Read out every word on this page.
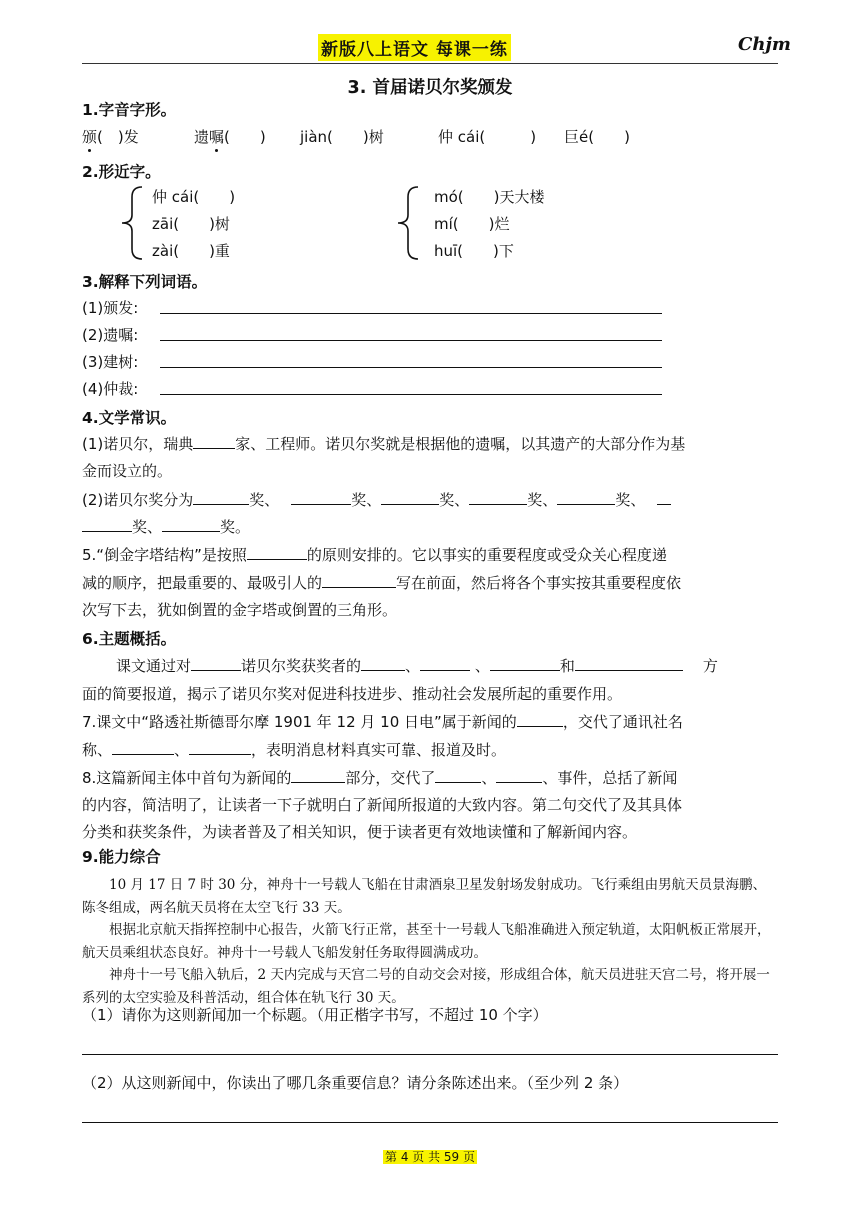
新版八上语文 每课一练	Chjm
3. 首届诺贝尔奖颁发
1.字音字形。
颁(　)发	遗嘱(　　) jiàn(　　)树	仲 cái(　　　) 巨é(　　)
2.形近字。
仲 cái(　　)
zāi(　　)树
zài(　　)重
mó(　　)天大楼
mí(　　)烂
huī(　　)下
3.解释下列词语。
(1)颁发:
(2)遗嘱:
(3)建树:
(4)仲裁:
4.文学常识。
(1)诺贝尔，瑞典	家、工程师。诺贝尔奖就是根据他的遗嘱，以其遗产的大部分作为基
金而设立的。
(2)诺贝尔奖分为	奖、	奖、	奖、	奖、	奖、
奖、	奖。
5.“倒金字塔结构”是按照	的原则安排的。它以事实的重要程度或受众关心程度递
减的顺序，把最重要的、最吸引人的	写在前面，然后将各个事实按其重要程度依
次写下去，犹如倒置的金字塔或倒置的三角形。
6.主题概括。
课文通过对	诺贝尔奖获奖者的	、	、	和	方
面的简要报道，揭示了诺贝尔奖对促进科技进步、推动社会发展所起的重要作用。
7.课文中“路透社斯德哥尔摩 1901 年 12 月 10 日电”属于新闻的	，交代了通讯社名
称、	、	，表明消息材料真实可靠、报道及时。
8.这篇新闻主体中首句为新闻的	部分，交代了	、	、事件，总括了新闻
的内容，简洁明了，让读者一下子就明白了新闻所报道的大致内容。第二句交代了及其具体
分类和获奖条件，为读者普及了相关知识，便于读者更有效地读懂和了解新闻内容。
9.能力综合
10 月 17 日 7 时 30 分，神舟十一号载人飞船在甘肃酒泉卫星发射场发射成功。飞行乘组由男航天员景海鹏、陈冬组成，两名航天员将在太空飞行 33 天。
根据北京航天指挥控制中心报告，火箭飞行正常，甚至十一号载人飞船准确进入预定轨道，太阳帆板正常展开，航天员乘组状态良好。神舟十一号载人飞船发射任务取得圆满成功。
神舟十一号飞船入轨后，2 天内完成与天宫二号的自动交会对接，形成组合体，航天员进驻天宫二号，将开展一系列的太空实验及科普活动，组合体在轨飞行 30 天。
（1）请你为这则新闻加一个标题。（用正楷字书写，不超过 10 个字）
（2）从这则新闻中，你读出了哪几条重要信息？请分条陈述出来。（至少列 2 条）
第 4 页 共 59 页
